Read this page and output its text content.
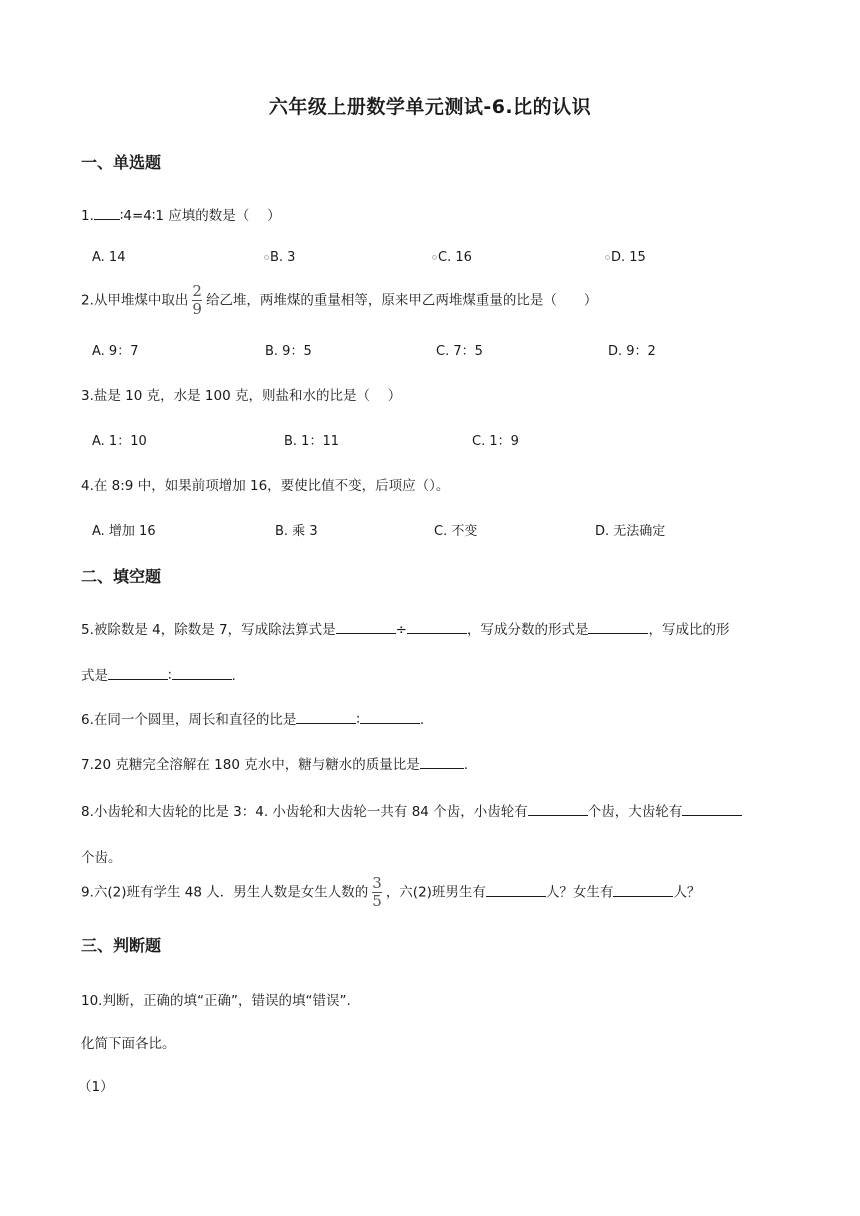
六年级上册数学单元测试-6.比的认识
一、单选题
1. ∶4=4∶1 应填的数是（　 ）
A. 14	B. 3	C. 16	D. 15
2.从甲堆煤中取出 $\frac{2}{9}$ 给乙堆，两堆煤的重量相等，原来甲乙两堆煤重量的比是（　　）
A. 9：7	B. 9：5	C. 7：5	D. 9：2
3.盐是 10 克，水是 100 克，则盐和水的比是（　 ）
A. 1：10	B. 1：11	C. 1：9
4.在 8:9 中，如果前项增加 16，要使比值不变，后项应（）。
A. 增加 16	B. 乘 3	C. 不变	D. 无法确定
二、填空题
5.被除数是 4，除数是 7，写成除法算式是	÷	，写成分数的形式是	，写成比的形
式是	∶	.
6.在同一个圆里，周长和直径的比是	∶	.
7.20 克糖完全溶解在 180 克水中，糖与糖水的质量比是	.
8.小齿轮和大齿轮的比是 3：4. 小齿轮和大齿轮一共有 84 个齿，小齿轮有	个齿，大齿轮有
个齿。
9.六(2)班有学生 48 人．男生人数是女生人数的 $\frac{3}{5}$ ，六(2)班男生有	人？女生有	人？
三、判断题
10.判断，正确的填“正确”，错误的填“错误”.
化简下面各比。
（1）
